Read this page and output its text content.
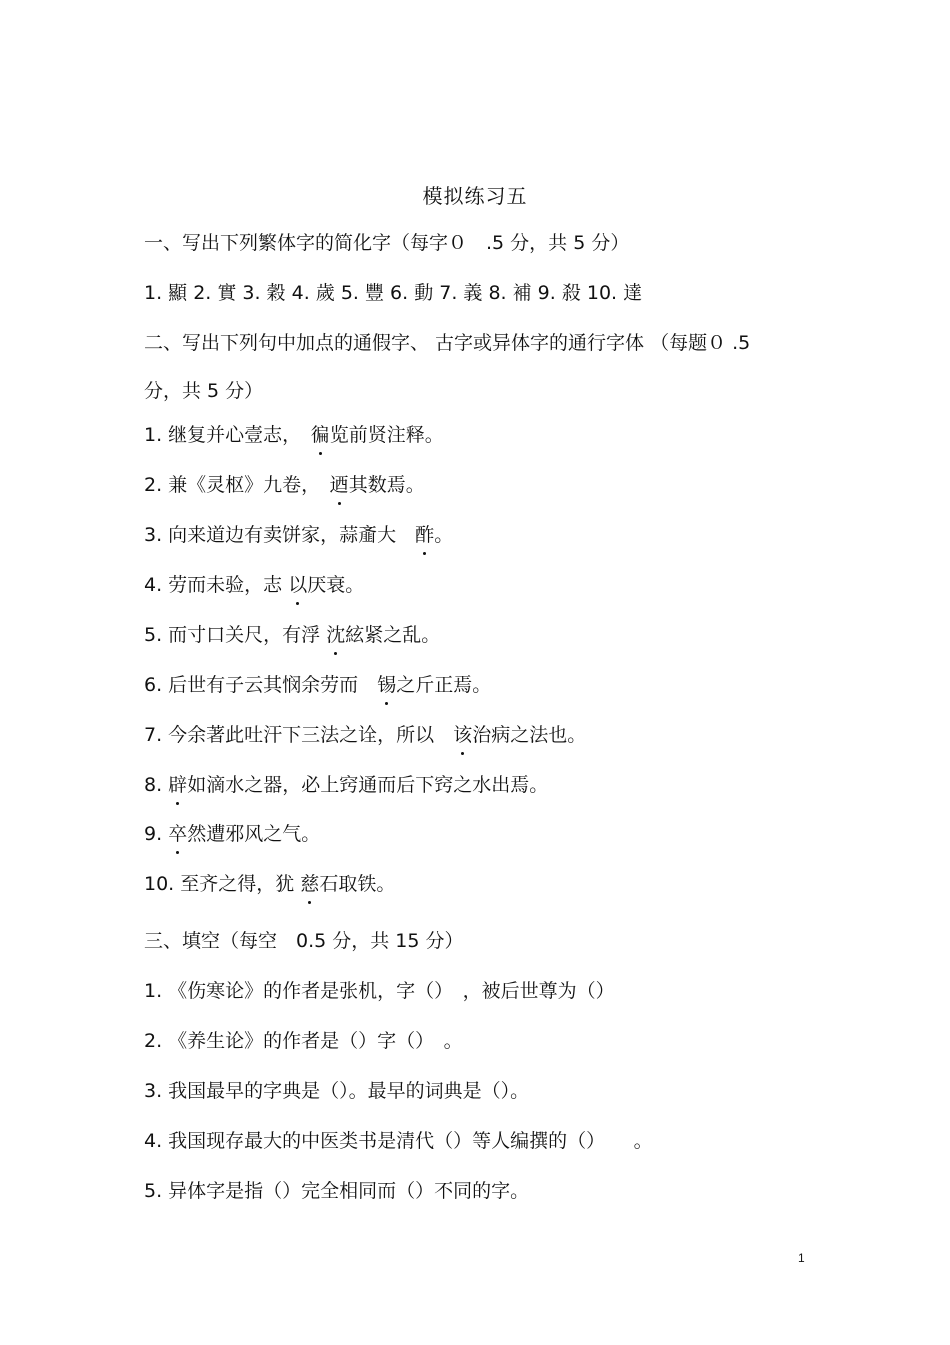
模拟练习五
一、写出下列繁体字的简化字（每字０　.5 分，共 5 分）
1. 顯 2. 實 3. 穀 4. 歲 5. 豐 6. 動 7. 義 8. 補 9. 殺 10. 達
二、写出下列句中加点的通假字、 古字或异体字的通行字体 （每题０ .5
分，共 5 分）
1. 继复并心壹志，　徧览前贤注释。
2. 兼《灵枢》九卷，　迺其数焉。
3. 向来道边有卖饼家，蒜齑大　酢。
4. 劳而未验，志 以厌衰。
5. 而寸口关尺，有浮 沈絃紧之乱。
6. 后世有子云其悯余劳而　锡之斤正焉。
7. 今余著此吐汗下三法之诠，所以　该治病之法也。
8. 辟如滴水之器，必上窍通而后下窍之水出焉。
9. 卒然遭邪风之气。
10. 至齐之得，犹 慈石取铁。
三、填空（每空　0.5 分，共 15 分）
1. 《伤寒论》的作者是张机，字（）　，被后世尊为（）
2. 《养生论》的作者是（）字（）　。
3. 我国最早的字典是（）。最早的词典是（）。
4. 我国现存最大的中医类书是清代（）等人编撰的（）　　。
5. 异体字是指（）完全相同而（）不同的字。
1
